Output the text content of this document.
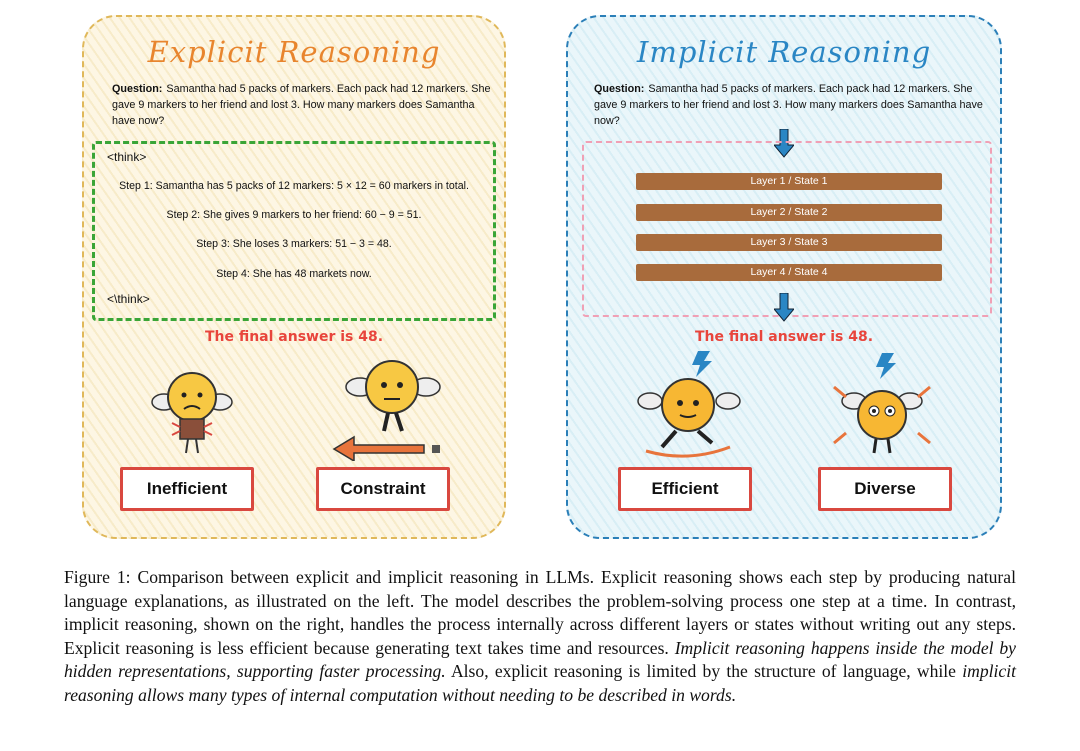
Explicit Reasoning
Question: Samantha had 5 packs of markers. Each pack had 12 markers. She gave 9 markers to her friend and lost 3. How many markers does Samantha have now?
<think>
Step 1: Samantha has 5 packs of 12 markers: 5 × 12 = 60 markers in total.
Step 2: She gives 9 markers to her friend: 60 − 9 = 51.
Step 3: She loses 3 markers: 51 − 3 = 48.
Step 4: She has 48 markets now.
<\think>
The final answer is 48.
Inefficient	Constraint
Implicit Reasoning
Question: Samantha had 5 packs of markers. Each pack had 12 markers. She gave 9 markers to her friend and lost 3. How many markers does Samantha have now?
Layer 1 / State 1
Layer 2 / State 2
Layer 3 / State 3
Layer 4 / State 4
The final answer is 48.
Efficient	Diverse
Figure 1: Comparison between explicit and implicit reasoning in LLMs. Explicit reasoning shows each step by producing natural language explanations, as illustrated on the left. The model describes the problem-solving process one step at a time. In contrast, implicit reasoning, shown on the right, handles the process internally across different layers or states without writing out any steps. Explicit reasoning is less efficient because generating text takes time and resources. Implicit reasoning happens inside the model by hidden representations, supporting faster processing. Also, explicit reasoning is limited by the structure of language, while implicit reasoning allows many types of internal computation without needing to be described in words.
